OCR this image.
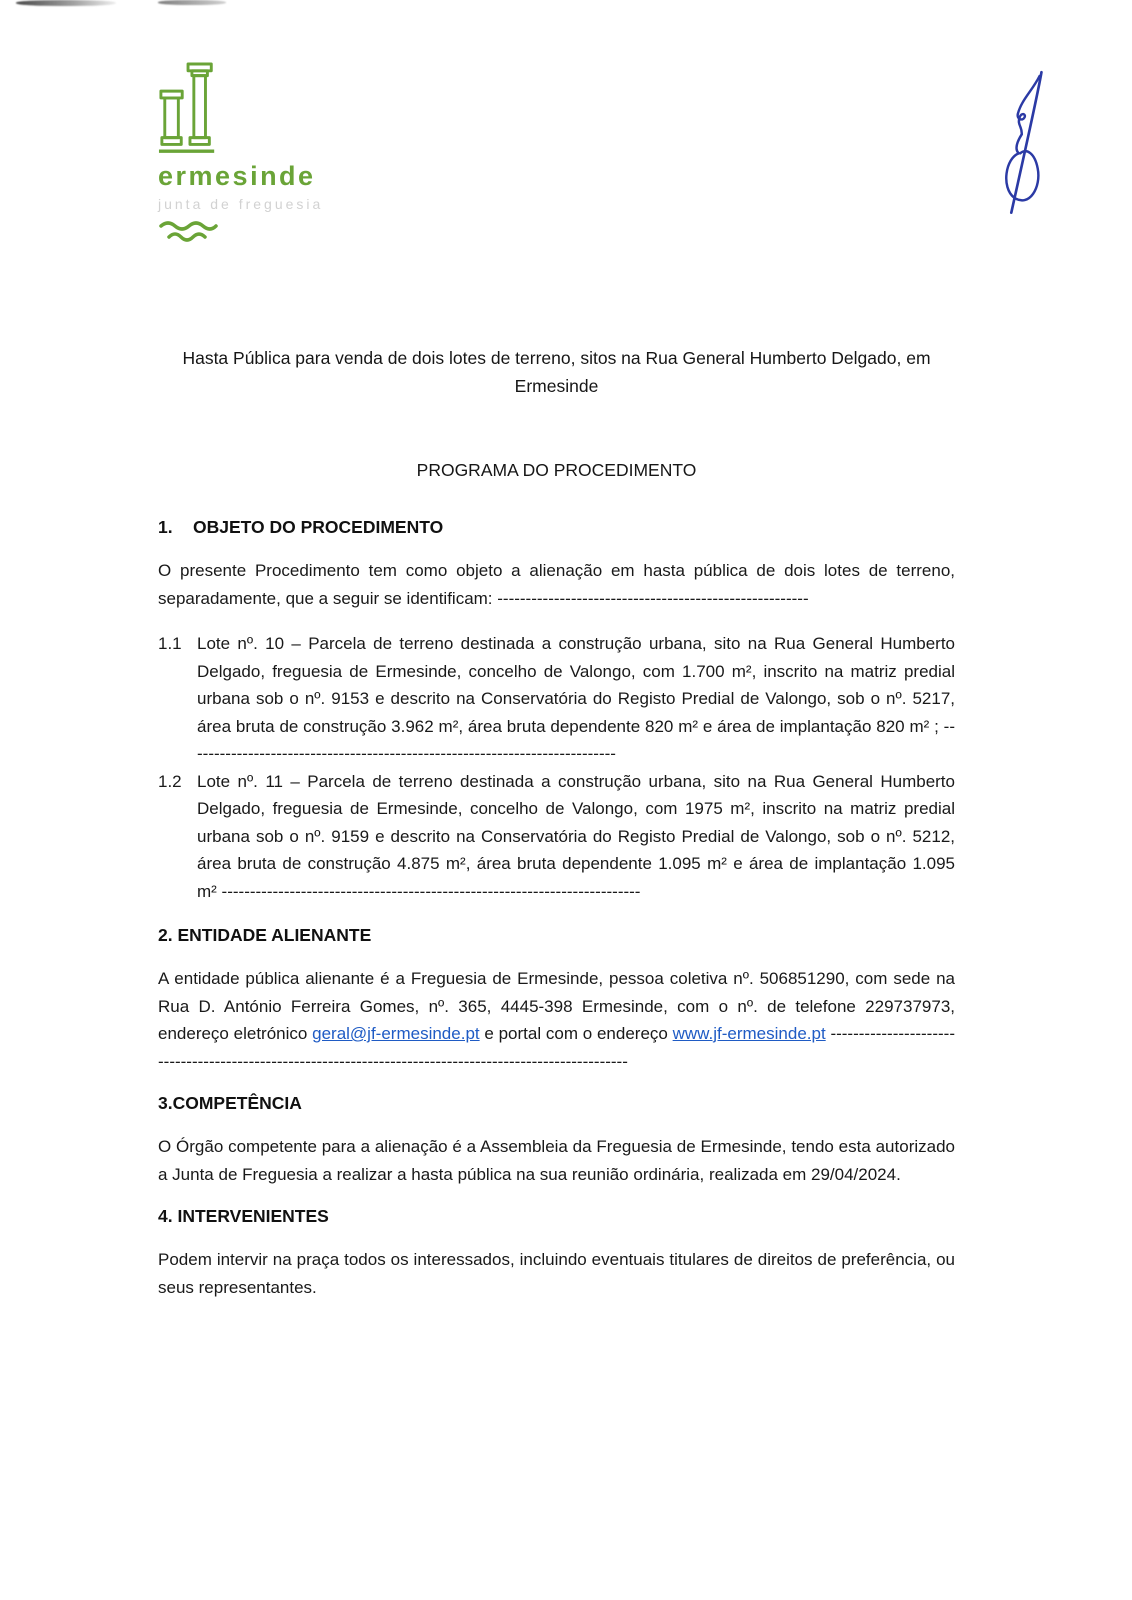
ermesinde
junta de freguesia
Hasta Pública para venda de dois lotes de terreno, sitos na Rua General Humberto Delgado, em
Ermesinde
PROGRAMA DO PROCEDIMENTO
1. OBJETO DO PROCEDIMENTO

O presente Procedimento tem como objeto a alienação em hasta pública de dois lotes de terreno, separadamente, que a seguir se identificam: -------------------------------------------------------

1.1 Lote nº. 10 – Parcela de terreno destinada a construção urbana, sito na Rua General Humberto Delgado, freguesia de Ermesinde, concelho de Valongo, com 1.700 m², inscrito na matriz predial urbana sob o nº. 9153 e descrito na Conservatória do Registo Predial de Valongo, sob o nº. 5217, área bruta de construção 3.962 m², área bruta dependente 820 m² e área de implantação 820 m² ; ----------------------------------------------------------------------------
1.2 Lote nº. 11 – Parcela de terreno destinada a construção urbana, sito na Rua General Humberto Delgado, freguesia de Ermesinde, concelho de Valongo, com 1975 m², inscrito na matriz predial urbana sob o nº. 9159 e descrito na Conservatória do Registo Predial de Valongo, sob o nº. 5212, área bruta de construção 4.875 m², área bruta dependente 1.095 m² e área de implantação 1.095 m² --------------------------------------------------------------------------
2. ENTIDADE ALIENANTE

A entidade pública alienante é a Freguesia de Ermesinde, pessoa coletiva nº. 506851290, com sede na Rua D. António Ferreira Gomes, nº. 365, 4445-398 Ermesinde, com o nº. de telefone 229737973, endereço eletrónico geral@jf-ermesinde.pt e portal com o endereço www.jf-ermesinde.pt ---------------------------------------------------------------------------------------------------------

3.COMPETÊNCIA

O Órgão competente para a alienação é a Assembleia da Freguesia de Ermesinde, tendo esta autorizado a Junta de Freguesia a realizar a hasta pública na sua reunião ordinária, realizada em 29/04/2024.

4. INTERVENIENTES

Podem intervir na praça todos os interessados, incluindo eventuais titulares de direitos de preferência, ou seus representantes.
